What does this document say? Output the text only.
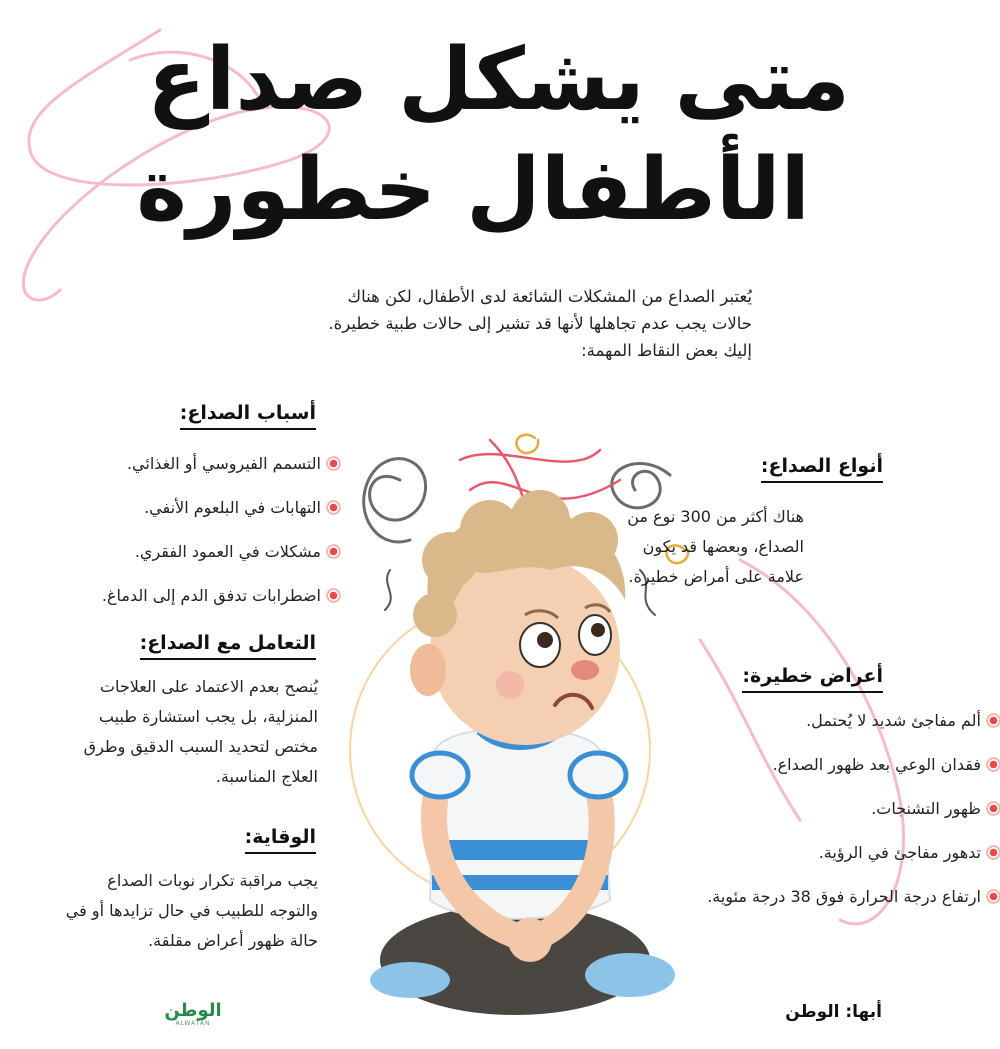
متى يشكل صداع
الأطفال خطورة

يُعتبر الصداع من المشكلات الشائعة لدى الأطفال، لكن هناك

حالات يجب عدم تجاهلها لأنها قد تشير إلى حالات طبية خطيرة.

إليك بعض النقاط المهمة:

أسباب الصداع:
التسمم الفيروسي أو الغذائي.
التهابات في البلعوم الأنفي.
مشكلات في العمود الفقري.
اضطرابات تدفق الدم إلى الدماغ.
التعامل مع الصداع:

يُنصح بعدم الاعتماد على العلاجات

المنزلية، بل يجب استشارة طبيب

مختص لتحديد السبب الدقيق وطرق

العلاج المناسبة.

الوقاية:

يجب مراقبة تكرار نوبات الصداع

والتوجه للطبيب في حال تزايدها أو في

حالة ظهور أعراض مقلقة.

أنواع الصداع:

هناك أكثر من 300 نوع من

الصداع، وبعضها قد يكون

علامة على أمراض خطيرة.

أعراض خطيرة:
ألم مفاجئ شديد لا يُحتمل.
فقدان الوعي بعد ظهور الصداع.
ظهور التشنجات.
تدهور مفاجئ في الرؤية.
ارتفاع درجة الحرارة فوق 38 درجة مئوية.
الوطن
ALWATAN
أبها: الوطن
